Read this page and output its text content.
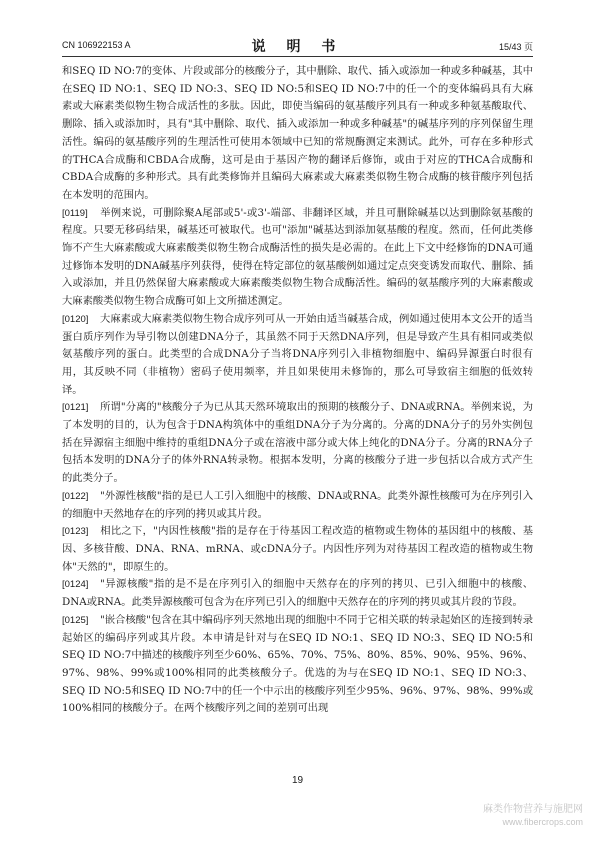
CN 106922153 A	说 明 书	15/43 页

和SEQ ID NO:7的变体、片段或部分的核酸分子，其中删除、取代、插入或添加一种或多种碱基，其中在SEQ ID NO:1、SEQ ID NO:3、SEQ ID NO:5和SEQ ID NO:7中的任一个的变体编码具有大麻素或大麻素类似物生物合成活性的多肽。因此，即使当编码的氨基酸序列具有一种或多种氨基酸取代、删除、插入或添加时，具有"其中删除、取代、插入或添加一种或多种碱基"的碱基序列的序列保留生理活性。编码的氨基酸序列的生理活性可使用本领域中已知的常规酶测定来测试。此外，可存在多种形式的THCA合成酶和CBDA合成酶，这可是由于基因产物的翻译后修饰，或由于对应的THCA合成酶和CBDA合成酶的多种形式。具有此类修饰并且编码大麻素或大麻素类似物生物合成酶的核苷酸序列包括在本发明的范围内。

[0119] 举例来说，可删除聚A尾部或5'-或3'-端部、非翻译区域，并且可删除碱基以达到删除氨基酸的程度。只要无移码结果，碱基还可被取代。也可"添加"碱基达到添加氨基酸的程度。然而，任何此类修饰不产生大麻素酸或大麻素酸类似物生物合成酶活性的损失是必需的。在此上下文中经修饰的DNA可通过修饰本发明的DNA碱基序列获得，使得在特定部位的氨基酸例如通过定点突变诱发而取代、删除、插入或添加，并且仍然保留大麻素酸或大麻素酸类似物生物合成酶活性。编码的氨基酸序列的大麻素酸或大麻素酸类似物生物合成酶可如上文所描述测定。

[0120] 大麻素或大麻素类似物生物合成序列可从一开始由适当碱基合成，例如通过使用本文公开的适当蛋白质序列作为导引物以创建DNA分子，其虽然不同于天然DNA序列，但是导致产生具有相同或类似氨基酸序列的蛋白。此类型的合成DNA分子当将DNA序列引入非植物细胞中、编码异源蛋白时很有用，其反映不同（非植物）密码子使用频率，并且如果使用未修饰的，那么可导致宿主细胞的低效转译。

[0121] 所谓"分离的"核酸分子为已从其天然环境取出的预期的核酸分子、DNA或RNA。举例来说，为了本发明的目的，认为包含于DNA构筑体中的重组DNA分子为分离的。分离的DNA分子的另外实例包括在异源宿主细胞中维持的重组DNA分子或在溶液中部分或大体上纯化的DNA分子。分离的RNA分子包括本发明的DNA分子的体外RNA转录物。根据本发明，分离的核酸分子进一步包括以合成方式产生的此类分子。

[0122] "外源性核酸"指的是已人工引入细胞中的核酸、DNA或RNA。此类外源性核酸可为在序列引入的细胞中天然地存在的序列的拷贝或其片段。

[0123] 相比之下，"内因性核酸"指的是存在于待基因工程改造的植物或生物体的基因组中的核酸、基因、多核苷酸、DNA、RNA、mRNA、或cDNA分子。内因性序列为对待基因工程改造的植物或生物体"天然的"，即原生的。

[0124] "异源核酸"指的是不是在序列引入的细胞中天然存在的序列的拷贝、已引入细胞中的核酸、DNA或RNA。此类异源核酸可包含为在序列已引入的细胞中天然存在的序列的拷贝或其片段的节段。

[0125] "嵌合核酸"包含在其中编码序列天然地出现的细胞中不同于它相关联的转录起始区的连接到转录起始区的编码序列或其片段。本申请是针对与在SEQ ID NO:1、SEQ ID NO:3、SEQ ID NO:5和SEQ ID NO:7中描述的核酸序列至少60%、65%、70%、75%、80%、85%、90%、95%、96%、97%、98%、99%或100%相同的此类核酸分子。优选的为与在SEQ ID NO:1、SEQ ID NO:3、SEQ ID NO:5和SEQ ID NO:7中的任一个中示出的核酸序列至少95%、96%、97%、98%、99%或100%相同的核酸分子。在两个核酸序列之间的差别可出现

19
麻类作物营养与施肥网
www.fibercrops.com
